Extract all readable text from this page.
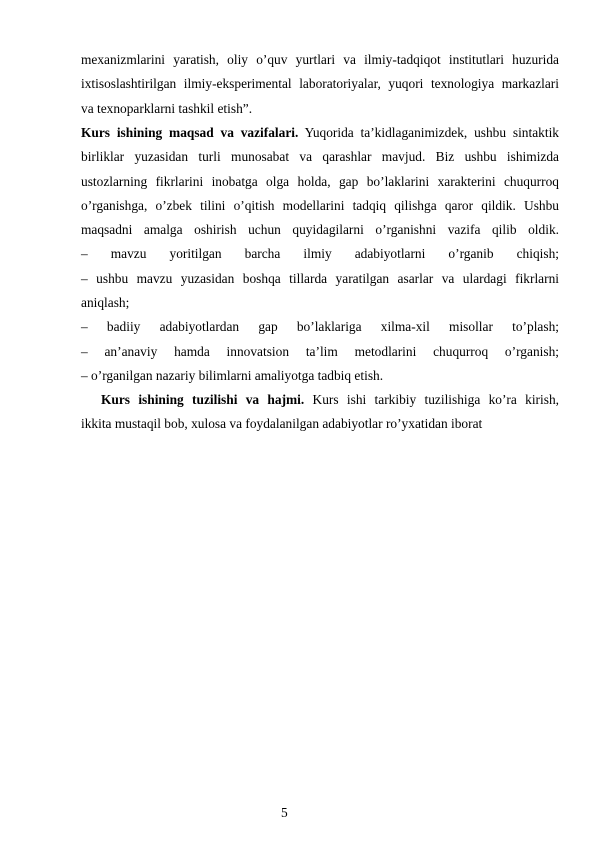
mexanizmlarini yaratish, oliy o’quv yurtlari va ilmiy-tadqiqot institutlari huzurida
ixtisoslashtirilgan ilmiy-eksperimental laboratoriyalar, yuqori texnologiya markazlari
va texnoparklarni tashkil etish”.
Kurs ishining maqsad va vazifalari. Yuqorida ta’kidlaganimizdek, ushbu sintaktik
birliklar yuzasidan turli munosabat va qarashlar mavjud. Biz ushbu ishimizda
ustozlarning fikrlarini inobatga olga holda, gap bo’laklarini xarakterini chuqurroq
o’rganishga, o’zbek tilini o’qitish modellarini tadqiq qilishga qaror qildik. Ushbu
maqsadni amalga oshirish uchun quyidagilarni o’rganishni vazifa qilib oldik.
– mavzu yoritilgan barcha ilmiy adabiyotlarni o’rganib chiqish;
– ushbu mavzu yuzasidan boshqa tillarda yaratilgan asarlar va ulardagi fikrlarni
aniqlash;
– badiiy adabiyotlardan gap bo’laklariga xilma-xil misollar to’plash;
– an’anaviy hamda innovatsion ta’lim metodlarini chuqurroq o’rganish;
– o’rganilgan nazariy bilimlarni amaliyotga tadbiq etish.
Kurs ishining tuzilishi va hajmi. Kurs ishi tarkibiy tuzilishiga ko’ra kirish,
ikkita mustaqil bob, xulosa va foydalanilgan adabiyotlar ro’yxatidan iborat
5
